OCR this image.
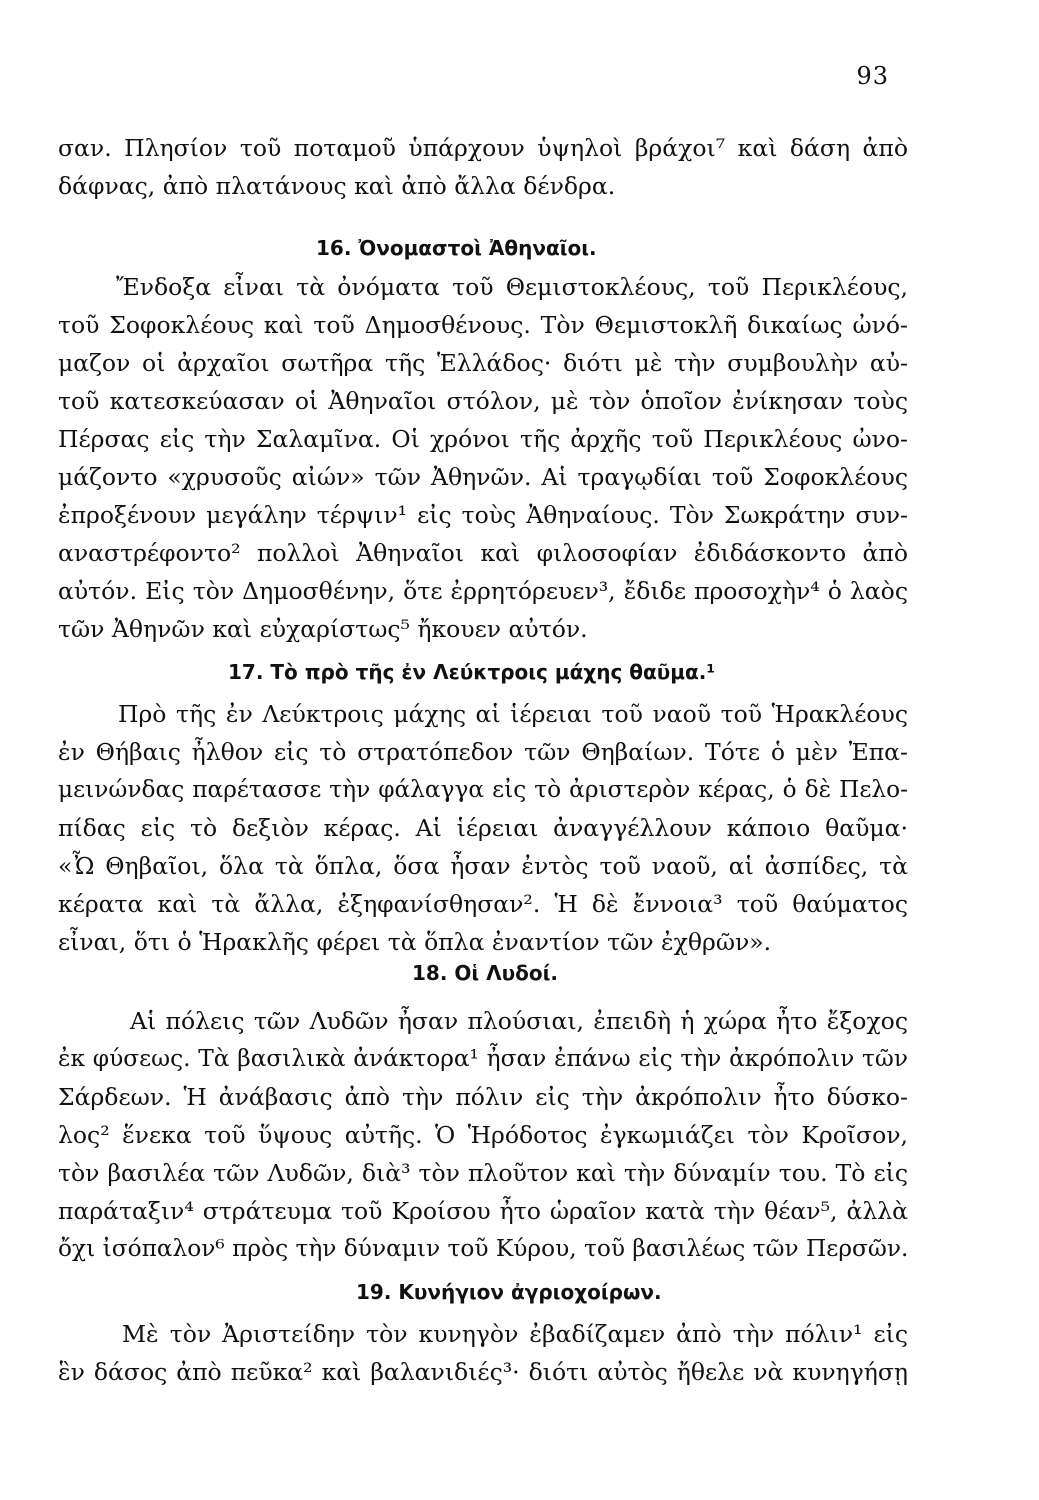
93
σαν. Πλησίον τοῦ ποταμοῦ ὑπάρχουν ὑψηλοὶ βράχοι⁷ καὶ δάση ἀπὸ
δάφνας, ἀπὸ πλατάνους καὶ ἀπὸ ἄλλα δένδρα.
16. Ὀνομαστοὶ Ἀθηναῖοι.
Ἔνδοξα εἶναι τὰ ὀνόματα τοῦ Θεμιστοκλέους, τοῦ Περικλέους,
τοῦ Σοφοκλέους καὶ τοῦ Δημοσθένους. Τὸν Θεμιστοκλῆ δικαίως ὠνό-
μαζον οἱ ἀρχαῖοι σωτῆρα τῆς Ἑλλάδος· διότι μὲ τὴν συμβουλὴν αὐ-
τοῦ κατεσκεύασαν οἱ Ἀθηναῖοι στόλον, μὲ τὸν ὁποῖον ἐνίκησαν τοὺς
Πέρσας εἰς τὴν Σαλαμῖνα. Οἱ χρόνοι τῆς ἀρχῆς τοῦ Περικλέους ὠνο-
μάζοντο «χρυσοῦς αἰών» τῶν Ἀθηνῶν. Αἱ τραγῳδίαι τοῦ Σοφοκλέους
ἐπροξένουν μεγάλην τέρψιν¹ εἰς τοὺς Ἀθηναίους. Τὸν Σωκράτην συν-
αναστρέφοντο² πολλοὶ Ἀθηναῖοι καὶ φιλοσοφίαν ἐδιδάσκοντο ἀπὸ
αὐτόν. Εἰς τὸν Δημοσθένην, ὅτε ἐρρητόρευεν³, ἔδιδε προσοχὴν⁴ ὁ λαὸς
τῶν Ἀθηνῶν καὶ εὐχαρίστως⁵ ἤκουεν αὐτόν.
17. Τὸ πρὸ τῆς ἐν Λεύκτροις μάχης θαῦμα.¹
Πρὸ τῆς ἐν Λεύκτροις μάχης αἱ ἱέρειαι τοῦ ναοῦ τοῦ Ἡρακλέους
ἐν Θήβαις ἦλθον εἰς τὸ στρατόπεδον τῶν Θηβαίων. Τότε ὁ μὲν Ἐπα-
μεινώνδας παρέτασσε τὴν φάλαγγα εἰς τὸ ἀριστερὸν κέρας, ὁ δὲ Πελο-
πίδας εἰς τὸ δεξιὸν κέρας. Αἱ ἱέρειαι ἀναγγέλλουν κάποιο θαῦμα·
«Ὦ Θηβαῖοι, ὅλα τὰ ὅπλα, ὅσα ἦσαν ἐντὸς τοῦ ναοῦ, αἱ ἀσπίδες, τὰ
κέρατα καὶ τὰ ἄλλα, ἐξηφανίσθησαν². Ἡ δὲ ἔννοια³ τοῦ θαύματος
εἶναι, ὅτι ὁ Ἡρακλῆς φέρει τὰ ὅπλα ἐναντίον τῶν ἐχθρῶν».
18. Οἱ Λυδοί.
Αἱ πόλεις τῶν Λυδῶν ἦσαν πλούσιαι, ἐπειδὴ ἡ χώρα ἦτο ἔξοχος
ἐκ φύσεως. Τὰ βασιλικὰ ἀνάκτορα¹ ἦσαν ἐπάνω εἰς τὴν ἀκρόπολιν τῶν
Σάρδεων. Ἡ ἀνάβασις ἀπὸ τὴν πόλιν εἰς τὴν ἀκρόπολιν ἦτο δύσκο-
λος² ἕνεκα τοῦ ὕψους αὐτῆς. Ὁ Ἡρόδοτος ἐγκωμιάζει τὸν Κροῖσον,
τὸν βασιλέα τῶν Λυδῶν, διὰ³ τὸν πλοῦτον καὶ τὴν δύναμίν του. Τὸ εἰς
παράταξιν⁴ στράτευμα τοῦ Κροίσου ἦτο ὡραῖον κατὰ τὴν θέαν⁵, ἀλλὰ
ὄχι ἰσόπαλον⁶ πρὸς τὴν δύναμιν τοῦ Κύρου, τοῦ βασιλέως τῶν Περσῶν.
19. Κυνήγιον ἀγριοχοίρων.
Μὲ τὸν Ἀριστείδην τὸν κυνηγὸν ἐβαδίζαμεν ἀπὸ τὴν πόλιν¹ εἰς
ἓν δάσος ἀπὸ πεῦκα² καὶ βαλανιδιές³· διότι αὐτὸς ἤθελε νὰ κυνηγήσῃ
